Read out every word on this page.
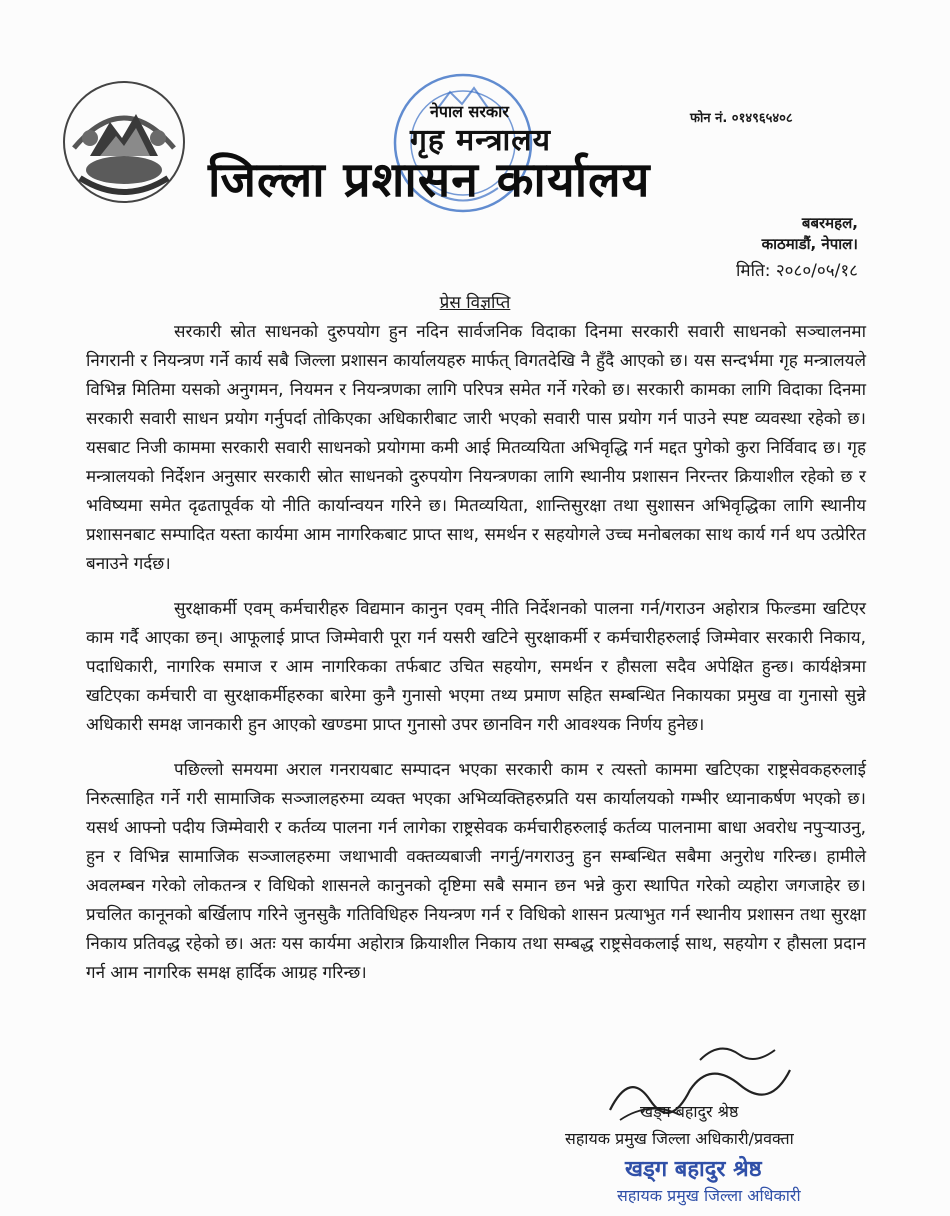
नेपाल सरकार
गृह मन्त्रालय
जिल्ला प्रशासन कार्यालय
फोन नं. ०१४९६५४०८
बबरमहल,
काठमाडौं, नेपाल।
मिति: २०८०/०५/१८
प्रेस विज्ञप्ति

सरकारी स्रोत साधनको दुरुपयोग हुन नदिन सार्वजनिक विदाका दिनमा सरकारी सवारी साधनको सञ्चालनमा निगरानी र नियन्त्रण गर्ने कार्य सबै जिल्ला प्रशासन कार्यालयहरु मार्फत् विगतदेखि नै हुँदै आएको छ। यस सन्दर्भमा गृह मन्त्रालयले विभिन्न मितिमा यसको अनुगमन, नियमन र नियन्त्रणका लागि परिपत्र समेत गर्ने गरेको छ। सरकारी कामका लागि विदाका दिनमा सरकारी सवारी साधन प्रयोग गर्नुपर्दा तोकिएका अधिकारीबाट जारी भएको सवारी पास प्रयोग गर्न पाउने स्पष्ट व्यवस्था रहेको छ। यसबाट निजी काममा सरकारी सवारी साधनको प्रयोगमा कमी आई मितव्ययिता अभिवृद्धि गर्न मद्दत पुगेको कुरा निर्विवाद छ। गृह मन्त्रालयको निर्देशन अनुसार सरकारी स्रोत साधनको दुरुपयोग नियन्त्रणका लागि स्थानीय प्रशासन निरन्तर क्रियाशील रहेको छ र भविष्यमा समेत दृढतापूर्वक यो नीति कार्यान्वयन गरिने छ। मितव्ययिता, शान्तिसुरक्षा तथा सुशासन अभिवृद्धिका लागि स्थानीय प्रशासनबाट सम्पादित यस्ता कार्यमा आम नागरिकबाट प्राप्त साथ, समर्थन र सहयोगले उच्च मनोबलका साथ कार्य गर्न थप उत्प्रेरित बनाउने गर्दछ।

सुरक्षाकर्मी एवम् कर्मचारीहरु विद्यमान कानुन एवम् नीति निर्देशनको पालना गर्न/गराउन अहोरात्र फिल्डमा खटिएर काम गर्दै आएका छन्। आफूलाई प्राप्त जिम्मेवारी पूरा गर्न यसरी खटिने सुरक्षाकर्मी र कर्मचारीहरुलाई जिम्मेवार सरकारी निकाय, पदाधिकारी, नागरिक समाज र आम नागरिकका तर्फबाट उचित सहयोग, समर्थन र हौसला सदैव अपेक्षित हुन्छ। कार्यक्षेत्रमा खटिएका कर्मचारी वा सुरक्षाकर्मीहरुका बारेमा कुनै गुनासो भएमा तथ्य प्रमाण सहित सम्बन्धित निकायका प्रमुख वा गुनासो सुन्ने अधिकारी समक्ष जानकारी हुन आएको खण्डमा प्राप्त गुनासो उपर छानविन गरी आवश्यक निर्णय हुनेछ।

पछिल्लो समयमा अराल गनरायबाट सम्पादन भएका सरकारी काम र त्यस्तो काममा खटिएका राष्ट्रसेवकहरुलाई निरुत्साहित गर्ने गरी सामाजिक सञ्जालहरुमा व्यक्त भएका अभिव्यक्तिहरुप्रति यस कार्यालयको गम्भीर ध्यानाकर्षण भएको छ। यसर्थ आफ्नो पदीय जिम्मेवारी र कर्तव्य पालना गर्न लागेका राष्ट्रसेवक कर्मचारीहरुलाई कर्तव्य पालनामा बाधा अवरोध नपुर्‍याउनु, हुन र विभिन्न सामाजिक सञ्जालहरुमा जथाभावी वक्तव्यबाजी नगर्नु/नगराउनु हुन सम्बन्धित सबैमा अनुरोध गरिन्छ। हामीले अवलम्बन गरेको लोकतन्त्र र विधिको शासनले कानुनको दृष्टिमा सबै समान छन भन्ने कुरा स्थापित गरेको व्यहोरा जगजाहेर छ। प्रचलित कानूनको बर्खिलाप गरिने जुनसुकै गतिविधिहरु नियन्त्रण गर्न र विधिको शासन प्रत्याभुत गर्न स्थानीय प्रशासन तथा सुरक्षा निकाय प्रतिवद्ध रहेको छ। अतः यस कार्यमा अहोरात्र क्रियाशील निकाय तथा सम्बद्ध राष्ट्रसेवकलाई साथ, सहयोग र हौसला प्रदान गर्न आम नागरिक समक्ष हार्दिक आग्रह गरिन्छ।

खड्ग बहादुर श्रेष्ठ
सहायक प्रमुख जिल्ला अधिकारी/प्रवक्ता
खड्ग बहादुर श्रेष्ठ
सहायक प्रमुख जिल्ला अधिकारी
